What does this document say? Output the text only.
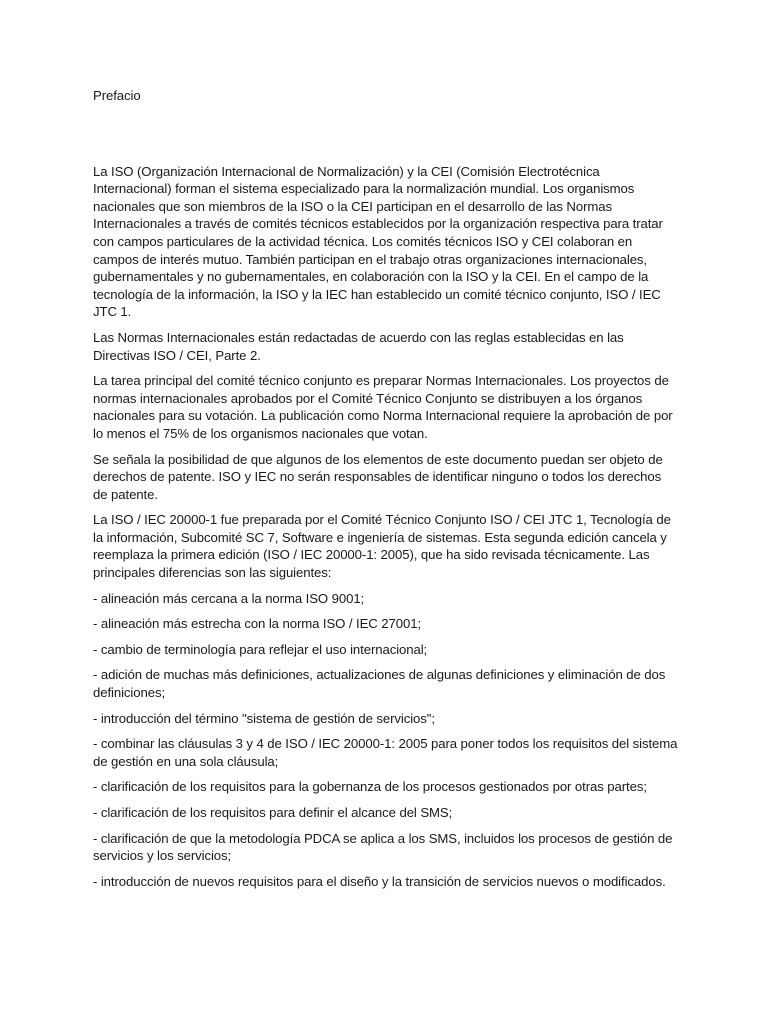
Prefacio

La ISO (Organización Internacional de Normalización) y la CEI (Comisión Electrotécnica Internacional) forman el sistema especializado para la normalización mundial. Los organismos nacionales que son miembros de la ISO o la CEI participan en el desarrollo de las Normas Internacionales a través de comités técnicos establecidos por la organización respectiva para tratar con campos particulares de la actividad técnica. Los comités técnicos ISO y CEI colaboran en campos de interés mutuo. También participan en el trabajo otras organizaciones internacionales, gubernamentales y no gubernamentales, en colaboración con la ISO y la CEI. En el campo de la tecnología de la información, la ISO y la IEC han establecido un comité técnico conjunto, ISO / IEC JTC 1.

Las Normas Internacionales están redactadas de acuerdo con las reglas establecidas en las Directivas ISO / CEI, Parte 2.

La tarea principal del comité técnico conjunto es preparar Normas Internacionales. Los proyectos de normas internacionales aprobados por el Comité Técnico Conjunto se distribuyen a los órganos nacionales para su votación. La publicación como Norma Internacional requiere la aprobación de por lo menos el 75% de los organismos nacionales que votan.

Se señala la posibilidad de que algunos de los elementos de este documento puedan ser objeto de derechos de patente. ISO y IEC no serán responsables de identificar ninguno o todos los derechos de patente.

La ISO / IEC 20000-1 fue preparada por el Comité Técnico Conjunto ISO / CEI JTC 1, Tecnología de la información, Subcomité SC 7, Software e ingeniería de sistemas. Esta segunda edición cancela y reemplaza la primera edición (ISO / IEC 20000-1: 2005), que ha sido revisada técnicamente. Las principales diferencias son las siguientes:

- alineación más cercana a la norma ISO 9001;
- alineación más estrecha con la norma ISO / IEC 27001;
- cambio de terminología para reflejar el uso internacional;
- adición de muchas más definiciones, actualizaciones de algunas definiciones y eliminación de dos definiciones;
- introducción del término "sistema de gestión de servicios";
- combinar las cláusulas 3 y 4 de ISO / IEC 20000-1: 2005 para poner todos los requisitos del sistema de gestión en una sola cláusula;
- clarificación de los requisitos para la gobernanza de los procesos gestionados por otras partes;
- clarificación de los requisitos para definir el alcance del SMS;
- clarificación de que la metodología PDCA se aplica a los SMS, incluidos los procesos de gestión de servicios y los servicios;
- introducción de nuevos requisitos para el diseño y la transición de servicios nuevos o modificados.
